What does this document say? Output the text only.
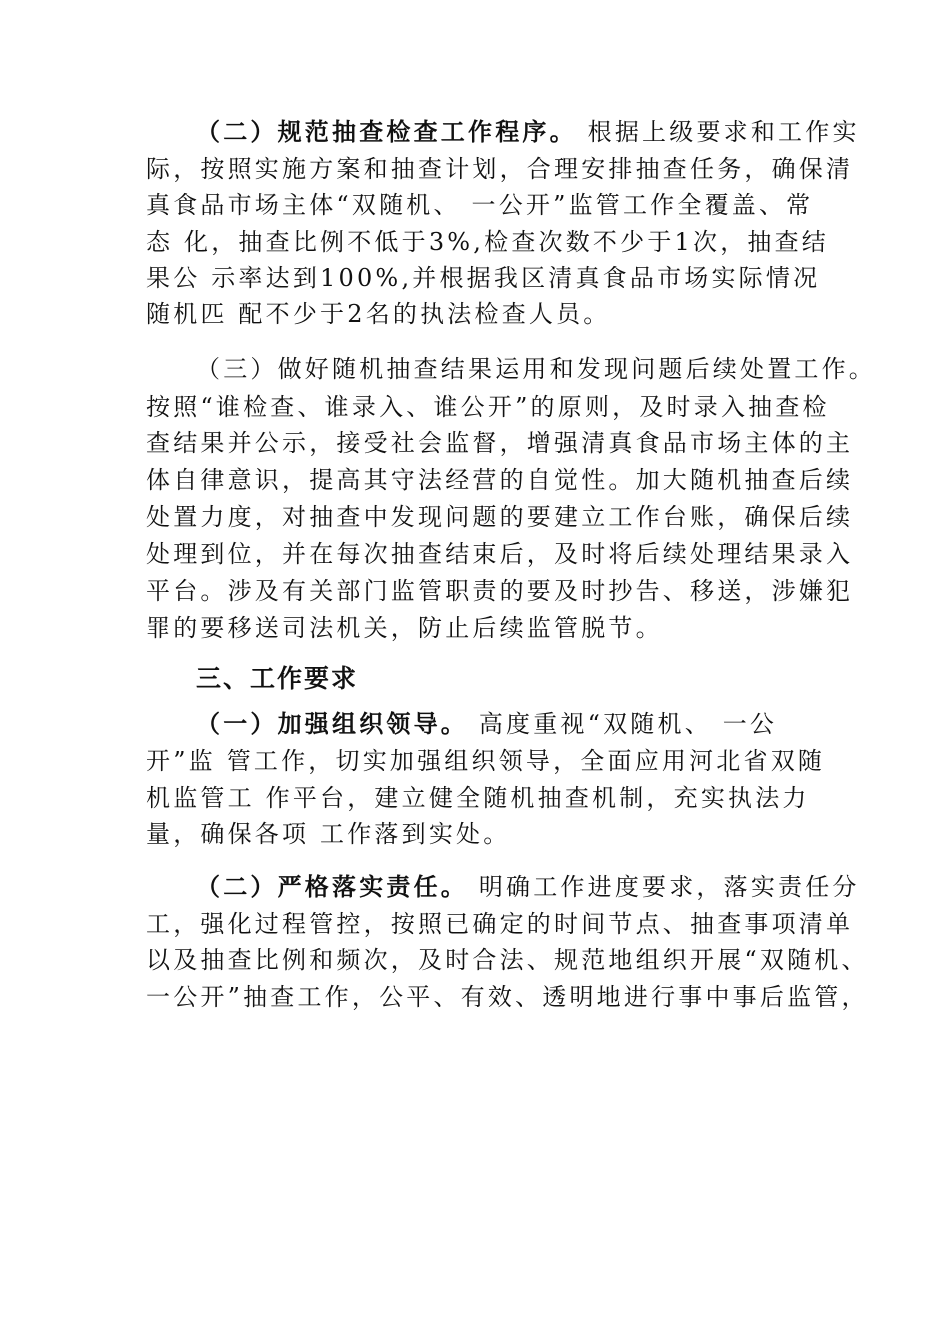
（二）规范抽查检查工作程序。 根据上级要求和工作实
际，按照实施方案和抽查计划，合理安排抽查任务，确保清
真食品市场主体“双随机、 一公开”监管工作全覆盖、常
态 化，抽查比例不低于3%,检查次数不少于1次，抽查结
果公 示率达到100%,并根据我区清真食品市场实际情况
随机匹 配不少于2名的执法检查人员。
（三）做好随机抽查结果运用和发现问题后续处置工作。
按照“谁检查、谁录入、谁公开”的原则，及时录入抽查检
查结果并公示，接受社会监督，增强清真食品市场主体的主
体自律意识，提高其守法经营的自觉性。加大随机抽查后续
处置力度，对抽查中发现问题的要建立工作台账，确保后续
处理到位，并在每次抽查结束后，及时将后续处理结果录入
平台。涉及有关部门监管职责的要及时抄告、移送，涉嫌犯
罪的要移送司法机关，防止后续监管脱节。
三、工作要求
（一）加强组织领导。 高度重视“双随机、 一公
开”监 管工作，切实加强组织领导，全面应用河北省双随
机监管工 作平台，建立健全随机抽查机制，充实执法力
量，确保各项 工作落到实处。
（二）严格落实责任。 明确工作进度要求，落实责任分
工，强化过程管控，按照已确定的时间节点、抽查事项清单
以及抽查比例和频次，及时合法、规范地组织开展“双随机、
一公开”抽查工作，公平、有效、透明地进行事中事后监管，
